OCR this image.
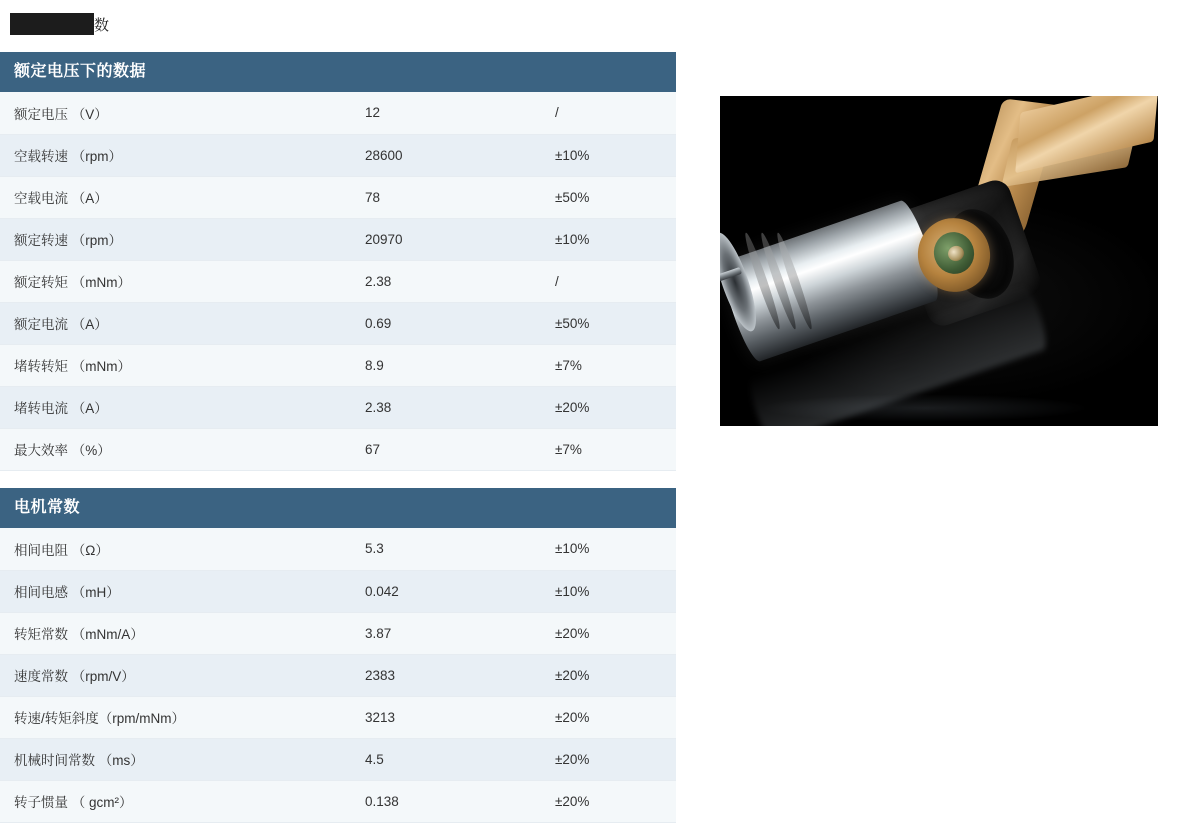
数
额定电压下的数据
额定电压 （V）	12	/
空载转速 （rpm）	28600	±10%
空载电流 （A）	78	±50%
额定转速 （rpm）	20970	±10%
额定转矩 （mNm）	2.38	/
额定电流 （A）	0.69	±50%
堵转转矩 （mNm）	8.9	±7%
堵转电流 （A）	2.38	±20%
最大效率 （%）	67	±7%
电机常数
相间电阻 （Ω）	5.3	±10%
相间电感 （mH）	0.042	±10%
转矩常数 （mNm/A）	3.87	±20%
速度常数 （rpm/V）	2383	±20%
转速/转矩斜度（rpm/mNm）	3213	±20%
机械时间常数 （ms）	4.5	±20%
转子惯量 （ gcm²）	0.138	±20%
